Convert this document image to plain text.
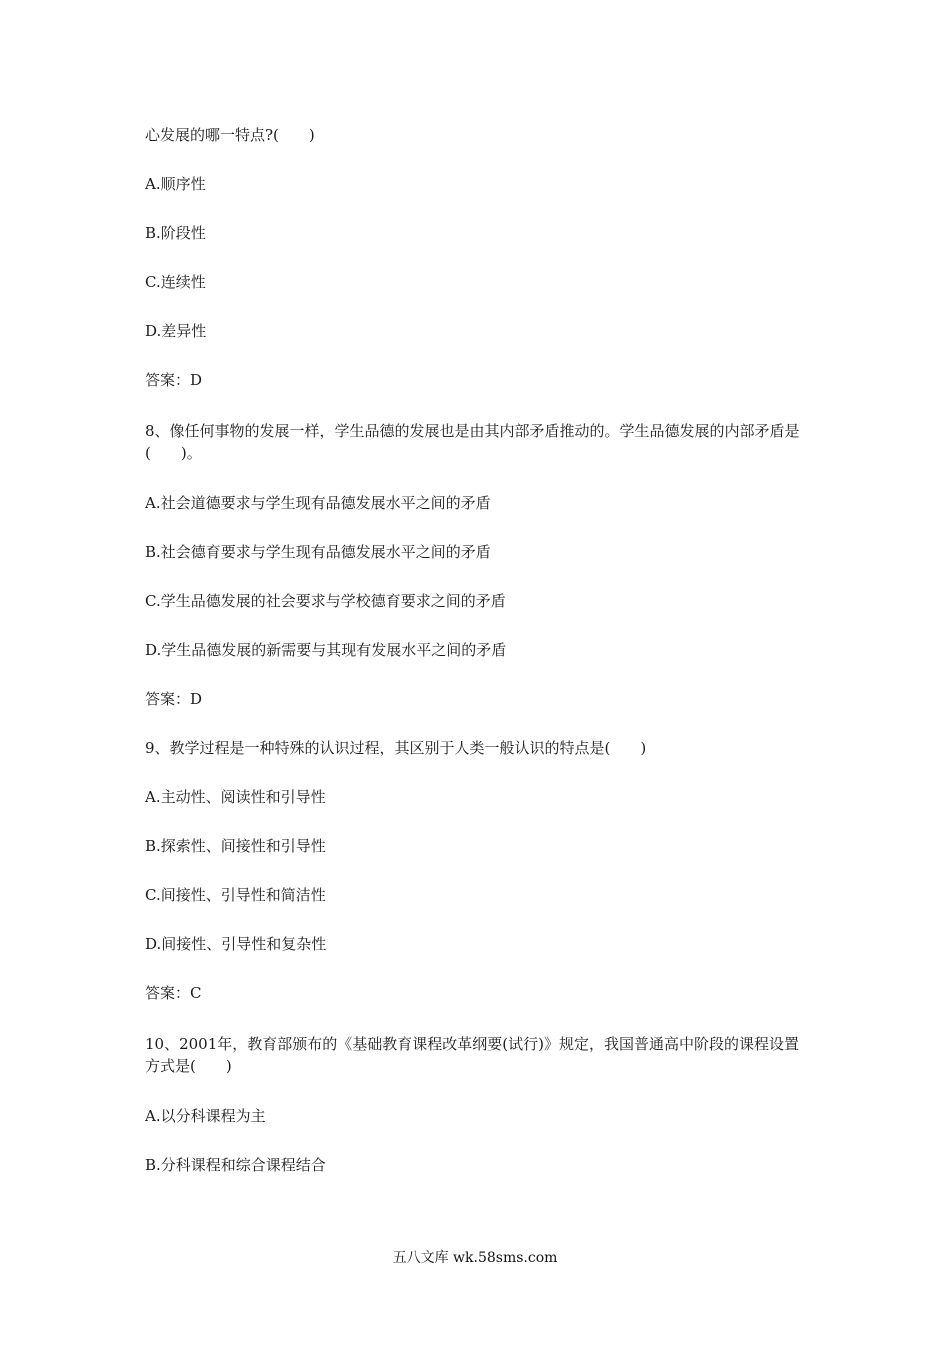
心发展的哪一特点?(　　)
A.顺序性
B.阶段性
C.连续性
D.差异性
答案：D
8、像任何事物的发展一样，学生品德的发展也是由其内部矛盾推动的。学生品德发展的内部矛盾是(　　)。
A.社会道德要求与学生现有品德发展水平之间的矛盾
B.社会德育要求与学生现有品德发展水平之间的矛盾
C.学生品德发展的社会要求与学校德育要求之间的矛盾
D.学生品德发展的新需要与其现有发展水平之间的矛盾
答案：D
9、教学过程是一种特殊的认识过程，其区别于人类一般认识的特点是(　　)
A.主动性、阅读性和引导性
B.探索性、间接性和引导性
C.间接性、引导性和简洁性
D.间接性、引导性和复杂性
答案：C
10、2001年，教育部颁布的《基础教育课程改革纲要(试行)》规定，我国普通高中阶段的课程设置方式是(　　)
A.以分科课程为主
B.分科课程和综合课程结合
五八文库 wk.58sms.com
